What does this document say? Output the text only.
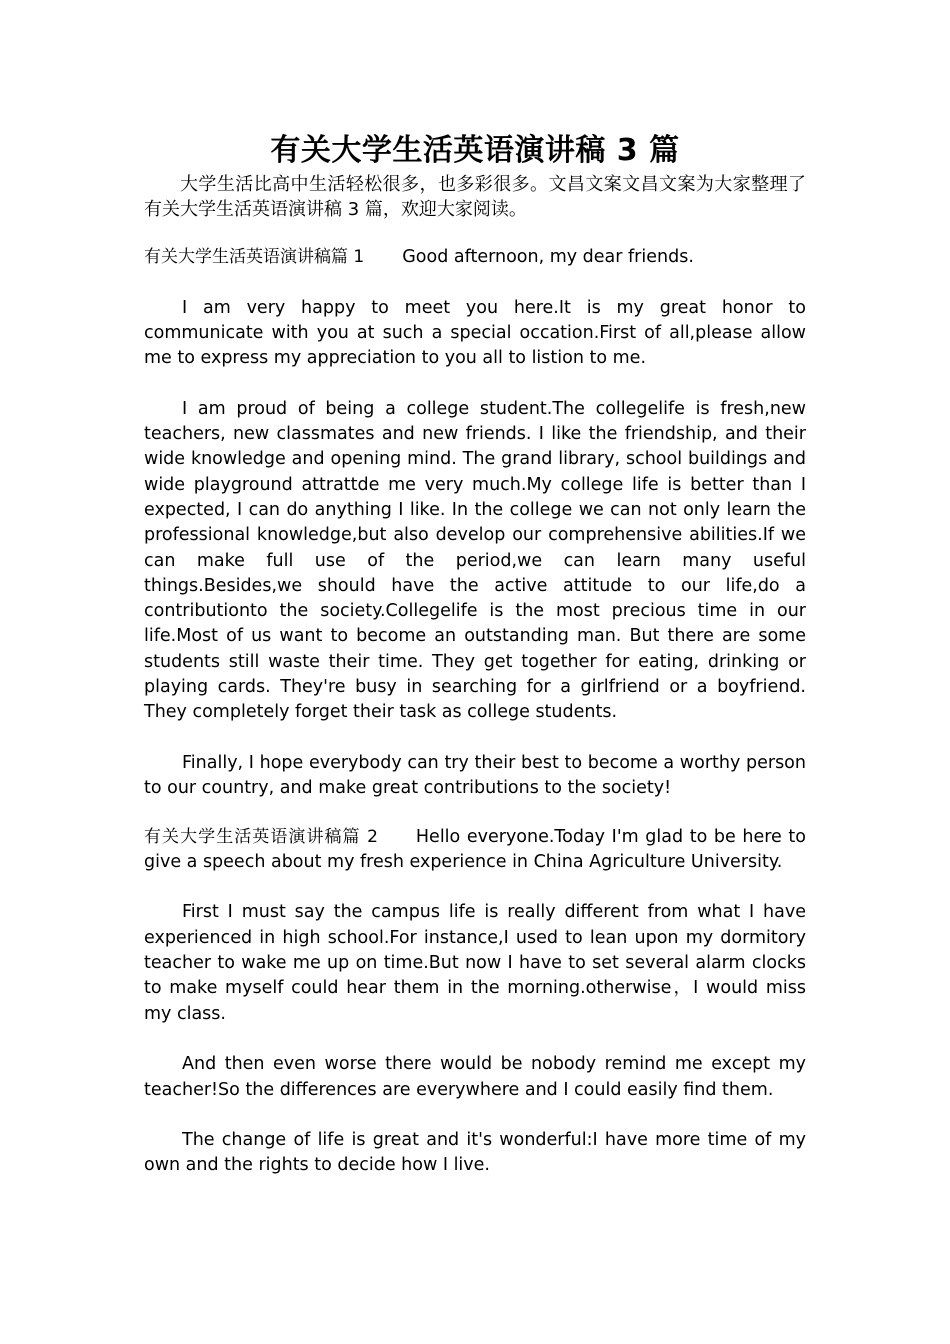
有关大学生活英语演讲稿 3 篇

大学生活比高中生活轻松很多，也多彩很多。文昌文案文昌文案为大家整理了有关大学生活英语演讲稿 3 篇，欢迎大家阅读。

有关大学生活英语演讲稿篇 1 Good afternoon, my dear friends.

I am very happy to meet you here.It is my great honor to communicate with you at such a special occation.First of all,please allow me to express my appreciation to you all to listion to me.

I am proud of being a college student.The collegelife is fresh,new teachers, new classmates and new friends. I like the friendship, and their wide knowledge and opening mind. The grand library, school buildings and wide playground attrattde me very much.My college life is better than I expected, I can do anything I like. In the college we can not only learn the professional knowledge,but also develop our comprehensive abilities.If we can make full use of the period,we can learn many useful things.Besides,we should have the active attitude to our life,do a contributionto the society.Collegelife is the most precious time in our life.Most of us want to become an outstanding man. But there are some students still waste their time. They get together for eating, drinking or playing cards. They're busy in searching for a girlfriend or a boyfriend. They completely forget their task as college students.

Finally, I hope everybody can try their best to become a worthy person to our country, and make great contributions to the society!

有关大学生活英语演讲稿篇 2 Hello everyone.Today I'm glad to be here to give a speech about my fresh experience in China Agriculture University.

First I must say the campus life is really different from what I have experienced in high school.For instance,I used to lean upon my dormitory teacher to wake me up on time.But now I have to set several alarm clocks to make myself could hear them in the morning.otherwise，I would miss my class.

And then even worse there would be nobody remind me except my teacher!So the differences are everywhere and I could easily find them.

The change of life is great and it's wonderful:I have more time of my own and the rights to decide how I live.
